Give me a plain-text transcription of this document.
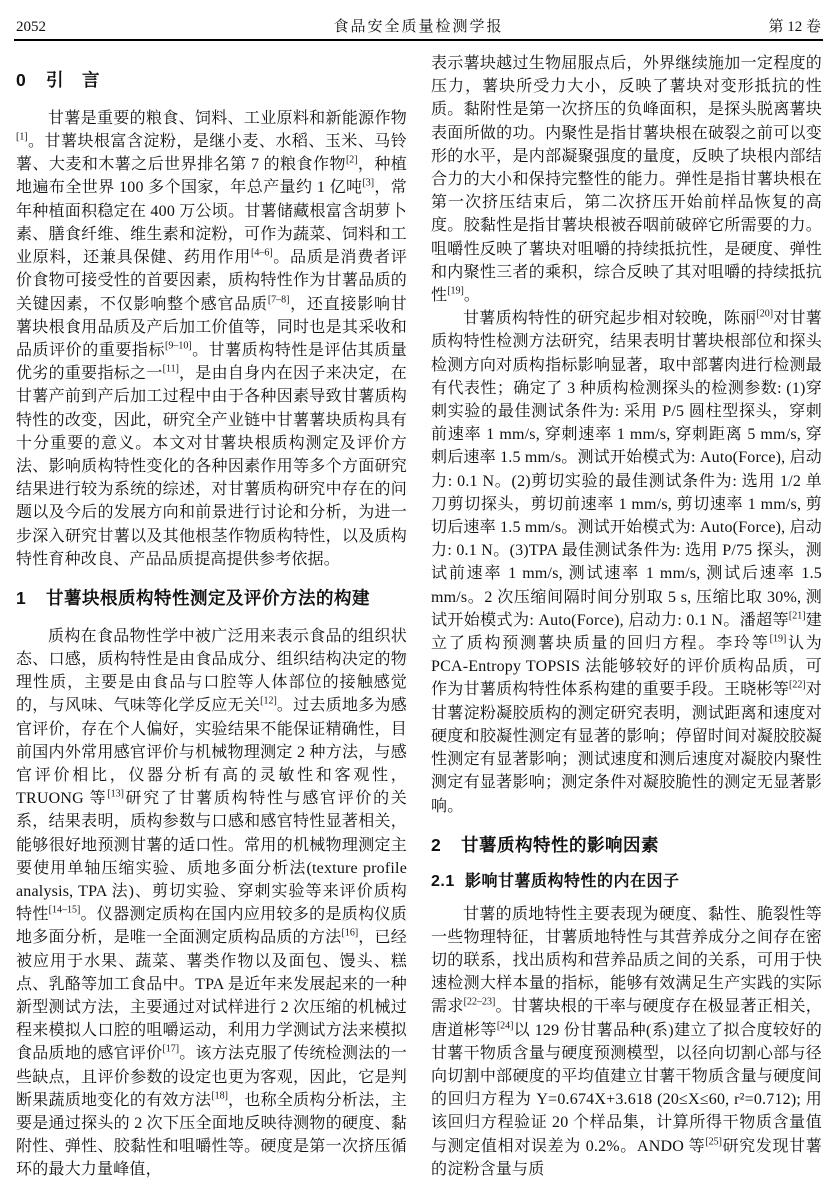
食品安全质量检测学报
2052	第 12 卷
0 引　言

甘薯是重要的粮食、饲料、工业原料和新能源作物[1]。甘薯块根富含淀粉，是继小麦、水稻、玉米、马铃薯、大麦和木薯之后世界排名第 7 的粮食作物[2]，种植地遍布全世界 100 多个国家，年总产量约 1 亿吨[3]，常年种植面积稳定在 400 万公顷。甘薯储藏根富含胡萝卜素、膳食纤维、维生素和淀粉，可作为蔬菜、饲料和工业原料，还兼具保健、药用作用[4–6]。品质是消费者评价食物可接受性的首要因素，质构特性作为甘薯品质的关键因素，不仅影响整个感官品质[7–8]，还直接影响甘薯块根食用品质及产后加工价值等，同时也是其采收和品质评价的重要指标[9–10]。甘薯质构特性是评估其质量优劣的重要指标之一[11]，是由自身内在因子来决定，在甘薯产前到产后加工过程中由于各种因素导致甘薯质构特性的改变，因此，研究全产业链中甘薯薯块质构具有十分重要的意义。本文对甘薯块根质构测定及评价方法、影响质构特性变化的各种因素作用等多个方面研究结果进行较为系统的综述，对甘薯质构研究中存在的问题以及今后的发展方向和前景进行讨论和分析，为进一步深入研究甘薯以及其他根茎作物质构特性，以及质构特性育种改良、产品品质提高提供参考依据。

1 甘薯块根质构特性测定及评价方法的构建

质构在食品物性学中被广泛用来表示食品的组织状态、口感，质构特性是由食品成分、组织结构决定的物理性质，主要是由食品与口腔等人体部位的接触感觉的，与风味、气味等化学反应无关[12]。过去质地多为感官评价，存在个人偏好，实验结果不能保证精确性，目前国内外常用感官评价与机械物理测定 2 种方法，与感官评价相比，仪器分析有高的灵敏性和客观性，TRUONG 等[13]研究了甘薯质构特性与感官评价的关系，结果表明，质构参数与口感和感官特性显著相关，能够很好地预测甘薯的适口性。常用的机械物理测定主要使用单轴压缩实验、质地多面分析法(texture profile analysis, TPA 法)、剪切实验、穿刺实验等来评价质构特性[14–15]。仪器测定质构在国内应用较多的是质构仪质地多面分析，是唯一全面测定质构品质的方法[16]，已经被应用于水果、蔬菜、薯类作物以及面包、馒头、糕点、乳酪等加工食品中。TPA 是近年来发展起来的一种新型测试方法，主要通过对试样进行 2 次压缩的机械过程来模拟人口腔的咀嚼运动，利用力学测试方法来模拟食品质地的感官评价[17]。该方法克服了传统检测法的一些缺点，且评价参数的设定也更为客观，因此，它是判断果蔬质地变化的有效方法[18]，也称全质构分析法，主要是通过探头的 2 次下压全面地反映待测物的硬度、黏附性、弹性、胶黏性和咀嚼性等。硬度是第一次挤压循环的最大力量峰值，

表示薯块越过生物屈服点后，外界继续施加一定程度的压力，薯块所受力大小，反映了薯块对变形抵抗的性质。黏附性是第一次挤压的负峰面积，是探头脱离薯块表面所做的功。内聚性是指甘薯块根在破裂之前可以变形的水平，是内部凝聚强度的量度，反映了块根内部结合力的大小和保持完整性的能力。弹性是指甘薯块根在第一次挤压结束后，第二次挤压开始前样品恢复的高度。胶黏性是指甘薯块根被吞咽前破碎它所需要的力。咀嚼性反映了薯块对咀嚼的持续抵抗性，是硬度、弹性和内聚性三者的乘积，综合反映了其对咀嚼的持续抵抗性[19]。

甘薯质构特性的研究起步相对较晚，陈丽[20]对甘薯质构特性检测方法研究，结果表明甘薯块根部位和探头检测方向对质构指标影响显著，取中部薯肉进行检测最有代表性；确定了 3 种质构检测探头的检测参数: (1)穿刺实验的最佳测试条件为: 采用 P/5 圆柱型探头，穿刺前速率 1 mm/s, 穿刺速率 1 mm/s, 穿刺距离 5 mm/s, 穿刺后速率 1.5 mm/s。测试开始模式为: Auto(Force), 启动力: 0.1 N。(2)剪切实验的最佳测试条件为: 选用 1/2 单刀剪切探头，剪切前速率 1 mm/s, 剪切速率 1 mm/s, 剪切后速率 1.5 mm/s。测试开始模式为: Auto(Force), 启动力: 0.1 N。(3)TPA 最佳测试条件为: 选用 P/75 探头，测试前速率 1 mm/s, 测试速率 1 mm/s, 测试后速率 1.5 mm/s。2 次压缩间隔时间分别取 5 s, 压缩比取 30%, 测试开始模式为: Auto(Force), 启动力: 0.1 N。潘超等[21]建立了质构预测薯块质量的回归方程。李玲等[19]认为 PCA-Entropy TOPSIS 法能够较好的评价质构品质，可作为甘薯质构特性体系构建的重要手段。王晓彬等[22]对甘薯淀粉凝胶质构的测定研究表明，测试距离和速度对硬度和胶凝性测定有显著的影响；停留时间对凝胶胶凝性测定有显著影响；测试速度和测后速度对凝胶内聚性测定有显著影响；测定条件对凝胶脆性的测定无显著影响。

2 甘薯质构特性的影响因素
2.1 影响甘薯质构特性的内在因子

甘薯的质地特性主要表现为硬度、黏性、脆裂性等一些物理特征，甘薯质地特性与其营养成分之间存在密切的联系，找出质构和营养品质之间的关系，可用于快速检测大样本量的指标，能够有效满足生产实践的实际需求[22–23]。甘薯块根的干率与硬度存在极显著正相关，唐道彬等[24]以 129 份甘薯品种(系)建立了拟合度较好的甘薯干物质含量与硬度预测模型，以径向切割心部与径向切割中部硬度的平均值建立甘薯干物质含量与硬度间的回归方程为 Y=0.674X+3.618 (20≤X≤60, r²=0.712); 用该回归方程验证 20 个样品集，计算所得干物质含量值与测定值相对误差为 0.2%。ANDO 等[25]研究发现甘薯的淀粉含量与质
